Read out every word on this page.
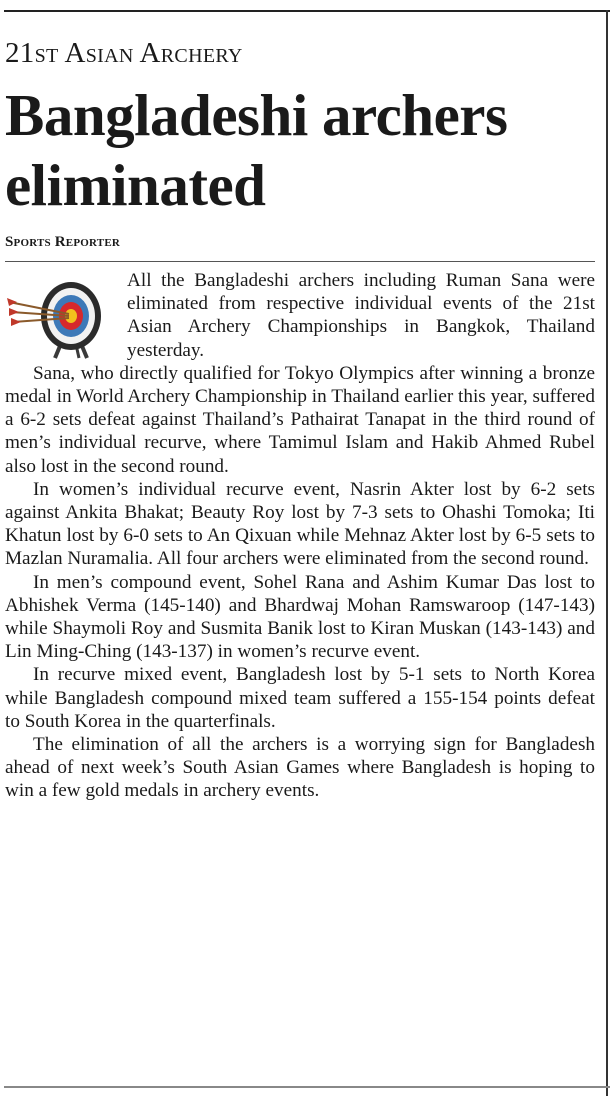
21st Asian Archery
Bangladeshi archers eliminated
Sports Reporter

All the Bangladeshi archers including Ruman Sana were eliminated from respective individual events of the 21st Asian Archery Championships in Bangkok, Thailand yesterday.

Sana, who directly qualified for Tokyo Olympics after winning a bronze medal in World Archery Championship in Thailand earlier this year, suffered a 6-2 sets defeat against Thailand’s Pathairat Tanapat in the third round of men’s individual recurve, where Tamimul Islam and Hakib Ahmed Rubel also lost in the second round.

In women’s individual recurve event, Nasrin Akter lost by 6-2 sets against Ankita Bhakat; Beauty Roy lost by 7-3 sets to Ohashi Tomoka; Iti Khatun lost by 6-0 sets to An Qixuan while Mehnaz Akter lost by 6-5 sets to Mazlan Nuramalia. All four archers were eliminated from the second round.

In men’s compound event, Sohel Rana and Ashim Kumar Das lost to Abhishek Verma (145-140) and Bhardwaj Mohan Ramswaroop (147-143) while Shaymoli Roy and Susmita Banik lost to Kiran Muskan (143-143) and Lin Ming-Ching (143-137) in women’s recurve event.

In recurve mixed event, Bangladesh lost by 5-1 sets to North Korea while Bangladesh compound mixed team suffered a 155-154 points defeat to South Korea in the quarterfinals.

The elimination of all the archers is a worrying sign for Bangladesh ahead of next week’s South Asian Games where Bangladesh is hoping to win a few gold medals in archery events.
